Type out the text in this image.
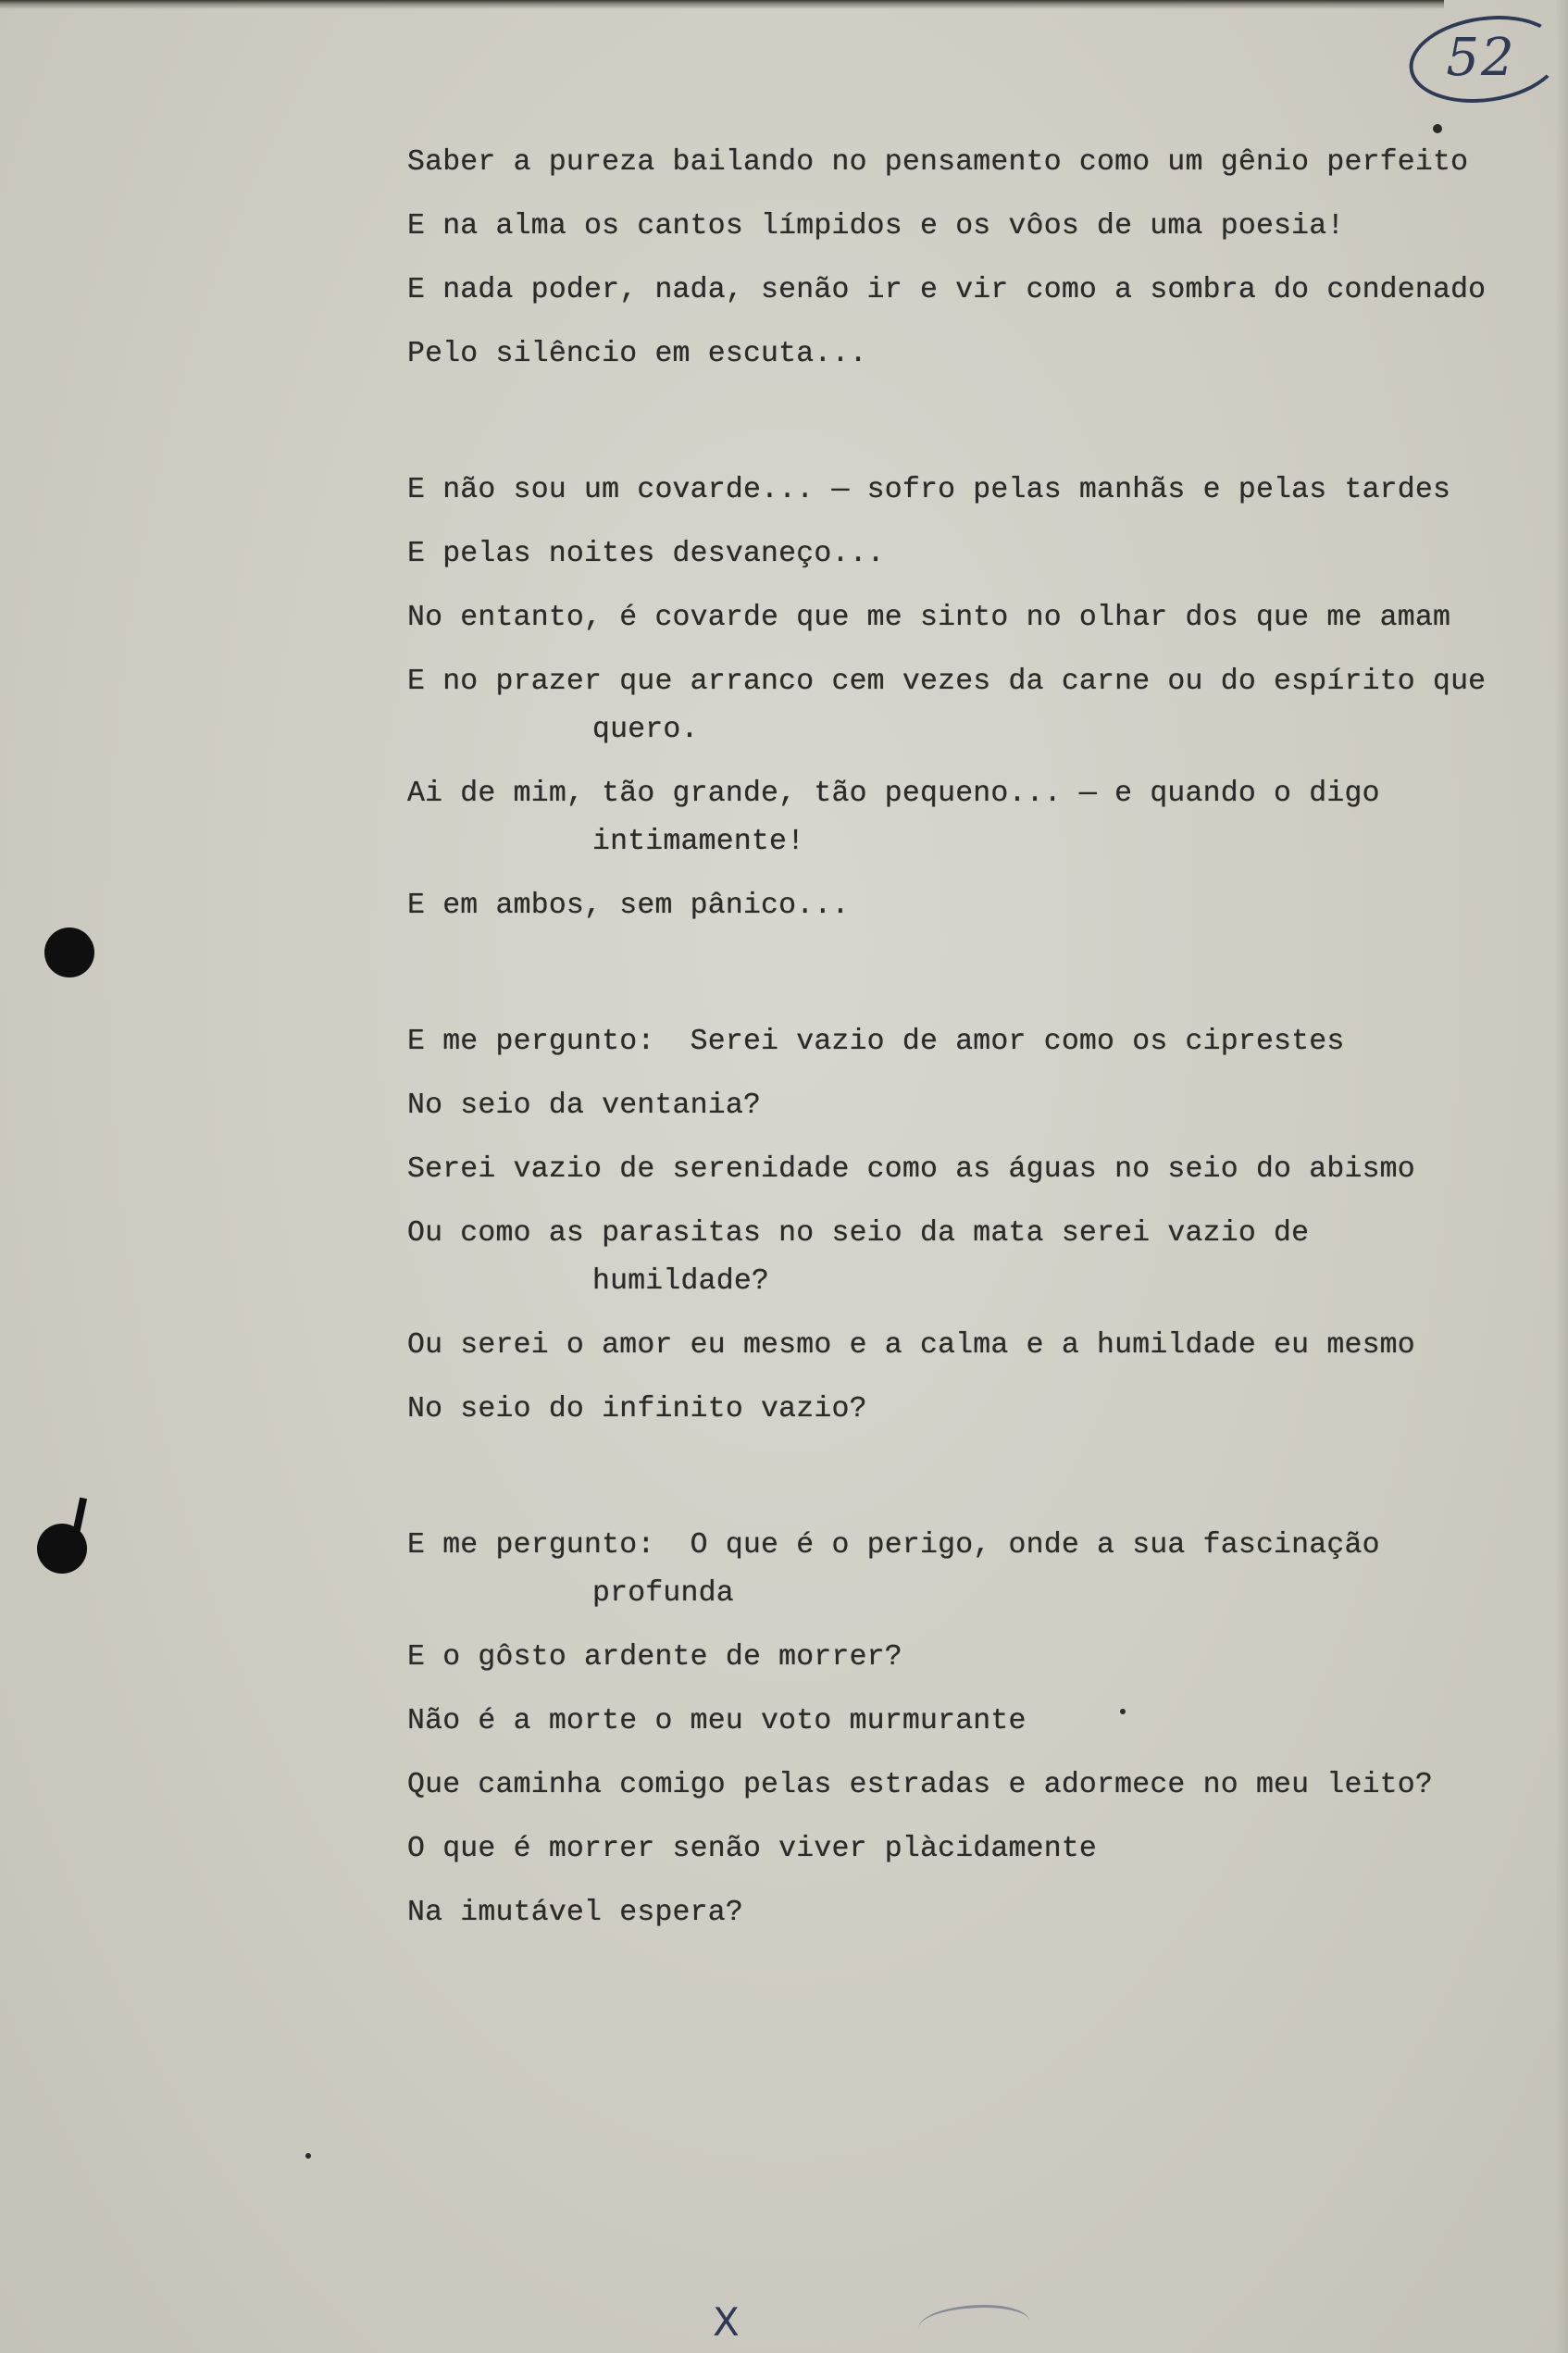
52
Saber a pureza bailando no pensamento como um gênio perfeito
E na alma os cantos límpidos e os vôos de uma poesia!
E nada poder, nada, senão ir e vir como a sombra do condenado
Pelo silêncio em escuta...
E não sou um covarde... — sofro pelas manhãs e pelas tardes
E pelas noites desvaneço...
No entanto, é covarde que me sinto no olhar dos que me amam
E no prazer que arranco cem vezes da carne ou do espírito que quero.
Ai de mim, tão grande, tão pequeno... — e quando o digo intimamente!
E em ambos, sem pânico...
E me pergunto:  Serei vazio de amor como os ciprestes
No seio da ventania?
Serei vazio de serenidade como as águas no seio do abismo
Ou como as parasitas no seio da mata serei vazio de humildade?
Ou serei o amor eu mesmo e a calma e a humildade eu mesmo
No seio do infinito vazio?
E me pergunto:  O que é o perigo, onde a sua fascinação profunda
E o gôsto ardente de morrer?
Não é a morte o meu voto murmurante
Que caminha comigo pelas estradas e adormece no meu leito?
O que é morrer senão viver plàcidamente
Na imutável espera?
X
